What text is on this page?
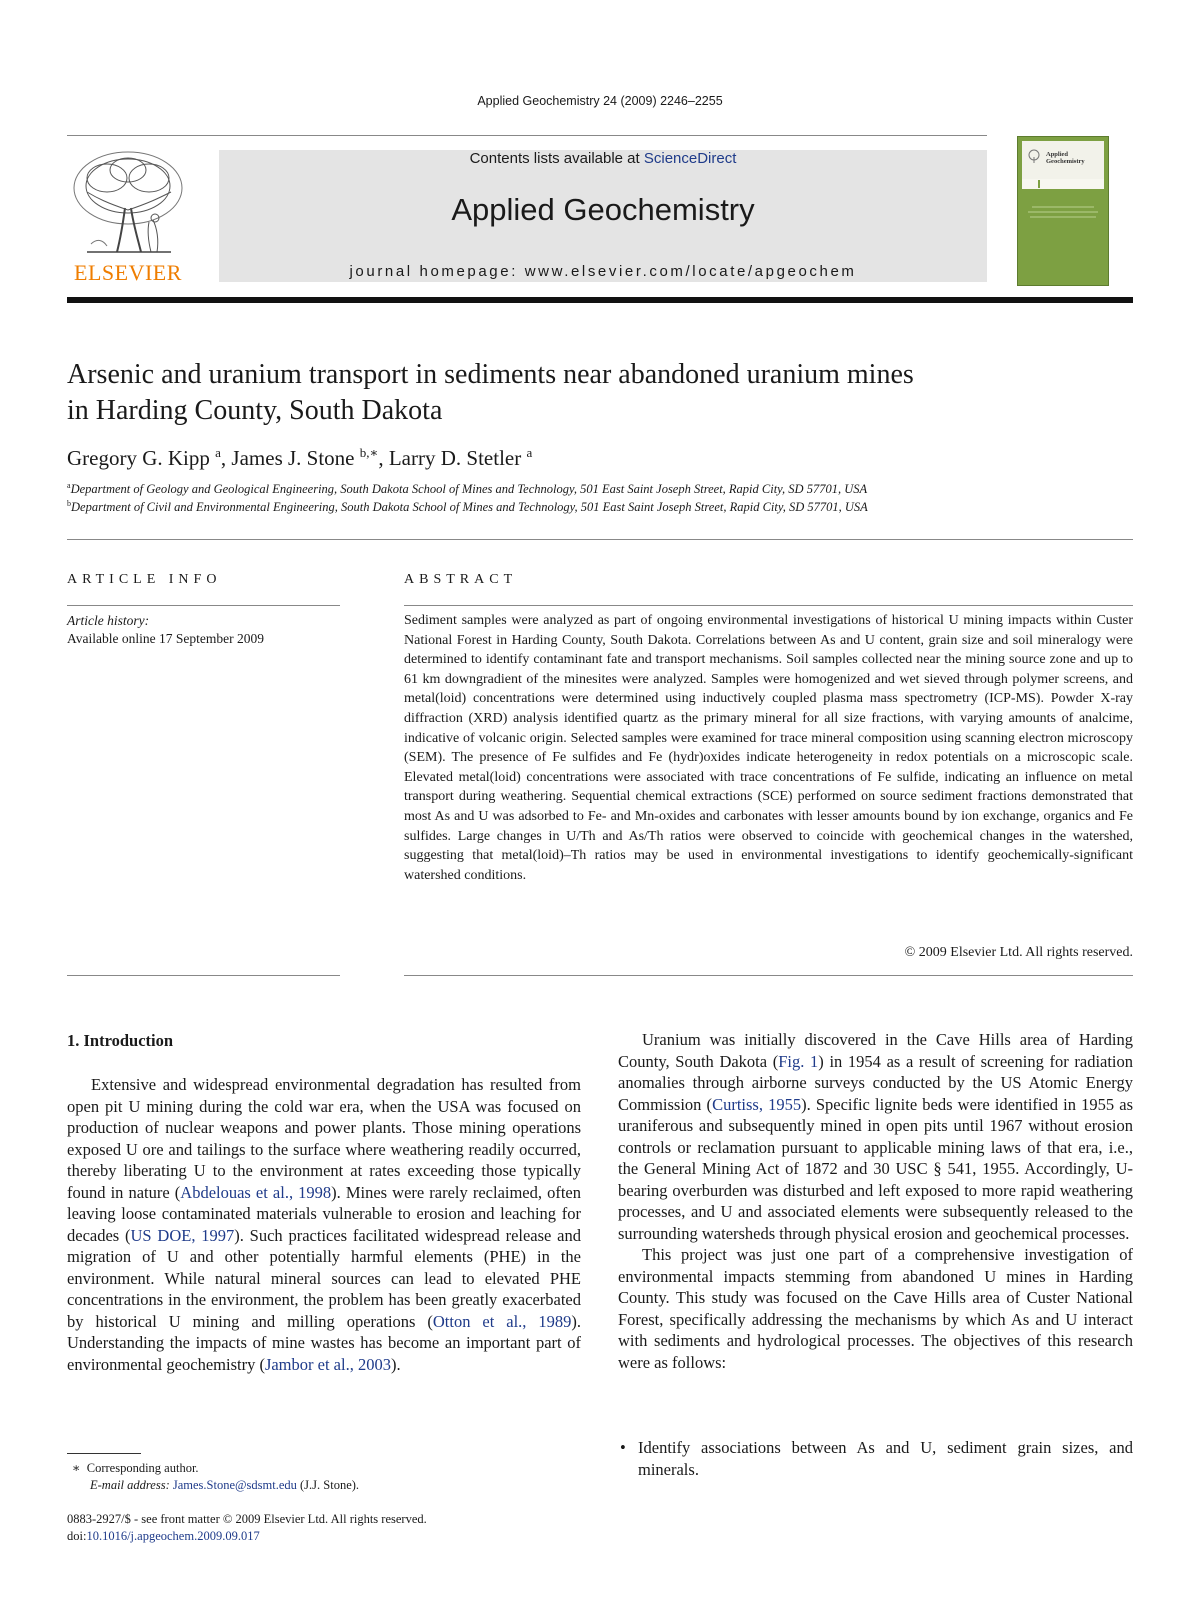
Applied Geochemistry 24 (2009) 2246–2255
ELSEVIER
Contents lists available at ScienceDirect
Applied Geochemistry
journal homepage: www.elsevier.com/locate/apgeochem
Applied Geochemistry
Arsenic and uranium transport in sediments near abandoned uranium mines
in Harding County, South Dakota
Gregory G. Kipp $^a$, James J. Stone $^{b,∗}$, Larry D. Stetler $^a$
$^a$Department of Geology and Geological Engineering, South Dakota School of Mines and Technology, 501 East Saint Joseph Street, Rapid City, SD 57701, USA
$^b$Department of Civil and Environmental Engineering, South Dakota School of Mines and Technology, 501 East Saint Joseph Street, Rapid City, SD 57701, USA
ARTICLE INFO
Article history:
Available online 17 September 2009
ABSTRACT
Sediment samples were analyzed as part of ongoing environmental investigations of historical U mining impacts within Custer National Forest in Harding County, South Dakota. Correlations between As and U content, grain size and soil mineralogy were determined to identify contaminant fate and transport mechanisms. Soil samples collected near the mining source zone and up to 61 km downgradient of the minesites were analyzed. Samples were homogenized and wet sieved through polymer screens, and metal(loid) concentrations were determined using inductively coupled plasma mass spectrometry (ICP-MS). Powder X-ray diffraction (XRD) analysis identified quartz as the primary mineral for all size fractions, with varying amounts of analcime, indicative of volcanic origin. Selected samples were examined for trace mineral composition using scanning electron microscopy (SEM). The presence of Fe sulfides and Fe (hydr)oxides indicate heterogeneity in redox potentials on a microscopic scale. Elevated metal(loid) concentrations were associated with trace concentrations of Fe sulfide, indicating an influence on metal transport during weathering. Sequential chemical extractions (SCE) performed on source sediment fractions demonstrated that most As and U was adsorbed to Fe- and Mn-oxides and carbonates with lesser amounts bound by ion exchange, organics and Fe sulfides. Large changes in U/Th and As/Th ratios were observed to coincide with geochemical changes in the watershed, suggesting that metal(loid)–Th ratios may be used in environmental investigations to identify geochemically-significant watershed conditions.
© 2009 Elsevier Ltd. All rights reserved.
1. Introduction

Extensive and widespread environmental degradation has resulted from open pit U mining during the cold war era, when the USA was focused on production of nuclear weapons and power plants. Those mining operations exposed U ore and tailings to the surface where weathering readily occurred, thereby liberating U to the environment at rates exceeding those typically found in nature (Abdelouas et al., 1998). Mines were rarely reclaimed, often leaving loose contaminated materials vulnerable to erosion and leaching for decades (US DOE, 1997). Such practices facilitated widespread release and migration of U and other potentially harmful elements (PHE) in the environment. While natural mineral sources can lead to elevated PHE concentrations in the environment, the problem has been greatly exacerbated by historical U mining and milling operations (Otton et al., 1989). Understanding the impacts of mine wastes has become an important part of environmental geochemistry (Jambor et al., 2003).

Uranium was initially discovered in the Cave Hills area of Harding County, South Dakota (Fig. 1) in 1954 as a result of screening for radiation anomalies through airborne surveys conducted by the US Atomic Energy Commission (Curtiss, 1955). Specific lignite beds were identified in 1955 as uraniferous and subsequently mined in open pits until 1967 without erosion controls or reclamation pursuant to applicable mining laws of that era, i.e., the General Mining Act of 1872 and 30 USC § 541, 1955. Accordingly, U-bearing overburden was disturbed and left exposed to more rapid weathering processes, and U and associated elements were subsequently released to the surrounding watersheds through physical erosion and geochemical processes.

This project was just one part of a comprehensive investigation of environmental impacts stemming from abandoned U mines in Harding County. This study was focused on the Cave Hills area of Custer National Forest, specifically addressing the mechanisms by which As and U interact with sediments and hydrological processes. The objectives of this research were as follows:

• Identify associations between As and U, sediment grain sizes, and minerals.
∗ Corresponding author.
E-mail address: James.Stone@sdsmt.edu (J.J. Stone).
0883-2927/$ - see front matter © 2009 Elsevier Ltd. All rights reserved.
doi:10.1016/j.apgeochem.2009.09.017
